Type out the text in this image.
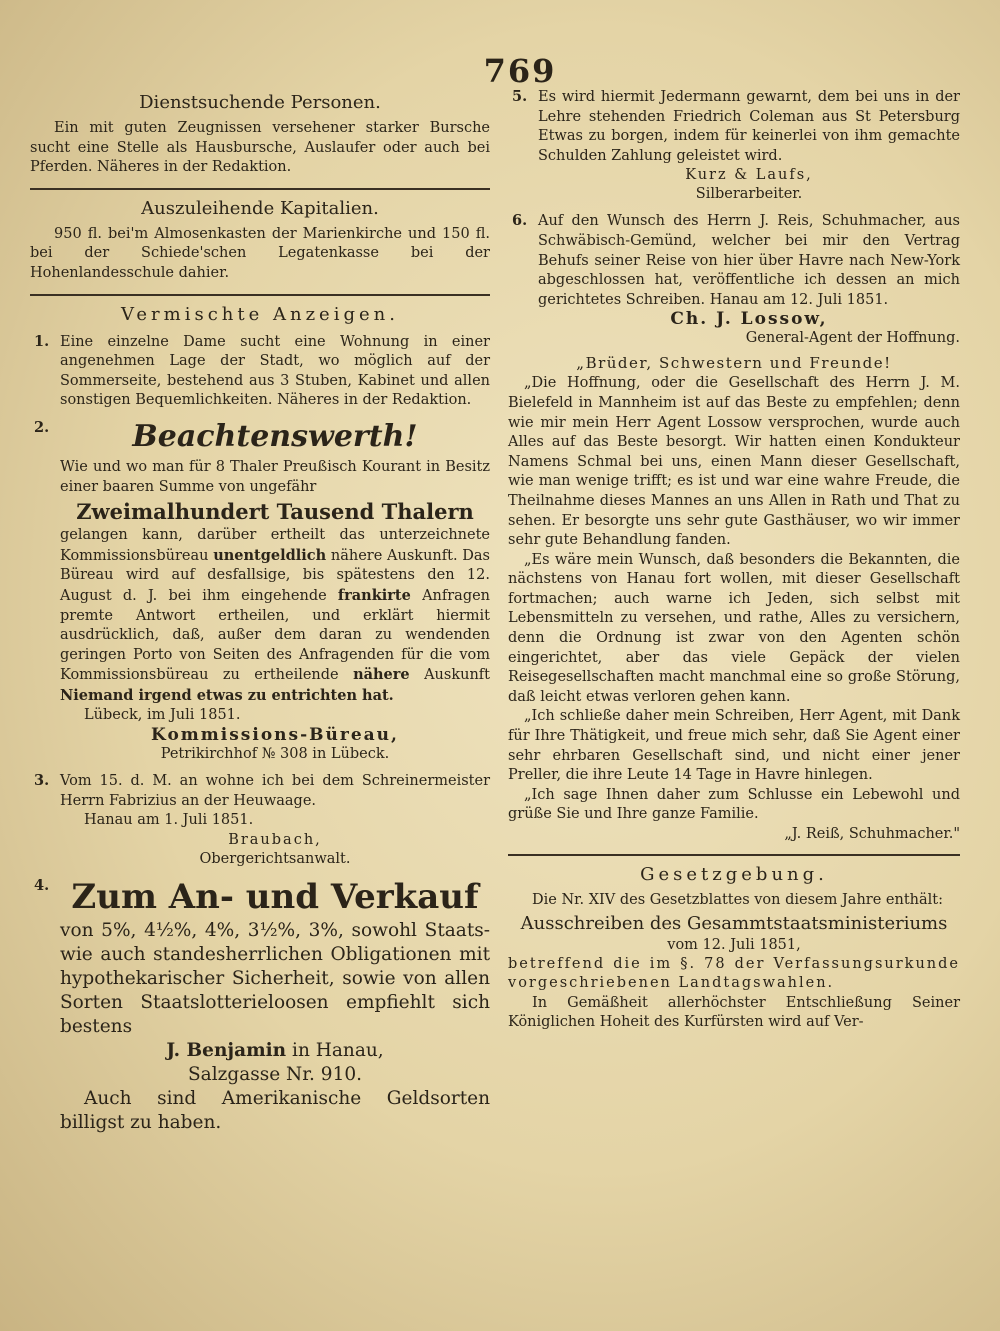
769

Dienstsuchende Personen.

Ein mit guten Zeugnissen versehener starker Bursche sucht eine Stelle als Hausbursche, Auslaufer oder auch bei Pferden. Näheres in der Redaktion.

Auszuleihende Kapitalien.

950 fl. bei'm Almosenkasten der Marienkirche und 150 fl. bei der Schiede'schen Legatenkasse bei der Hohenlandesschule dahier.

Vermischte Anzeigen.
1. Eine einzelne Dame sucht eine Wohnung in einer angenehmen Lage der Stadt, wo möglich auf der Sommerseite, bestehend aus 3 Stuben, Kabinet und allen sonstigen Bequemlichkeiten. Näheres in der Redaktion.

2.	Beachtenswerth!

Wie und wo man für 8 Thaler Preußisch Kourant in Besitz einer baaren Summe von ungefähr

Zweimalhundert Tausend Thalern

gelangen kann, darüber ertheilt das unterzeichnete Kommissionsbüreau unentgeldlich nähere Auskunft. Das Büreau wird auf desfallsige, bis spätestens den 12. August d. J. bei ihm eingehende frankirte Anfragen premte Antwort ertheilen, und erklärt hiermit ausdrücklich, daß, außer dem daran zu wendenden geringen Porto von Seiten des Anfragenden für die vom Kommissionsbüreau zu ertheilende nähere Auskunft Niemand irgend etwas zu entrichten hat.

Lübeck, im Juli 1851.

Kommissions-Büreau,

Petrikirchhof № 308 in Lübeck.

3. Vom 15. d. M. an wohne ich bei dem Schreinermeister Herrn Fabrizius an der Heuwaage.

Hanau am 1. Juli 1851.

Braubach,

Obergerichtsanwalt.

4. Zum An- und Verkauf

von 5%, 4½%, 4%, 3½%, 3%, sowohl Staats- wie auch standesherrlichen Obligationen mit hypothekarischer Sicherheit, sowie von allen Sorten Staatslotterieloosen empfiehlt sich bestens

J. Benjamin in Hanau,

Salzgasse Nr. 910.

Auch sind Amerikanische Geldsorten billigst zu haben.

5. Es wird hiermit Jedermann gewarnt, dem bei uns in der Lehre stehenden Friedrich Coleman aus St Petersburg Etwas zu borgen, indem für keinerlei von ihm gemachte Schulden Zahlung geleistet wird.

Kurz & Laufs,

Silberarbeiter.

6. Auf den Wunsch des Herrn J. Reis, Schuhmacher, aus Schwäbisch-Gemünd, welcher bei mir den Vertrag Behufs seiner Reise von hier über Havre nach New-York abgeschlossen hat, veröffentliche ich dessen an mich gerichtetes Schreiben. Hanau am 12. Juli 1851.

Ch. J. Lossow,

General-Agent der Hoffnung.

„Brüder, Schwestern und Freunde!

„Die Hoffnung, oder die Gesellschaft des Herrn J. M. Bielefeld in Mannheim ist auf das Beste zu empfehlen; denn wie mir mein Herr Agent Lossow versprochen, wurde auch Alles auf das Beste besorgt. Wir hatten einen Kondukteur Namens Schmal bei uns, einen Mann dieser Gesellschaft, wie man wenige trifft; es ist und war eine wahre Freude, die Theilnahme dieses Mannes an uns Allen in Rath und That zu sehen. Er besorgte uns sehr gute Gasthäuser, wo wir immer sehr gute Behandlung fanden.

„Es wäre mein Wunsch, daß besonders die Bekannten, die nächstens von Hanau fort wollen, mit dieser Gesellschaft fortmachen; auch warne ich Jeden, sich selbst mit Lebensmitteln zu versehen, und rathe, Alles zu versichern, denn die Ordnung ist zwar von den Agenten schön eingerichtet, aber das viele Gepäck der vielen Reisegesellschaften macht manchmal eine so große Störung, daß leicht etwas verloren gehen kann.

„Ich schließe daher mein Schreiben, Herr Agent, mit Dank für Ihre Thätigkeit, und freue mich sehr, daß Sie Agent einer sehr ehrbaren Gesellschaft sind, und nicht einer jener Preller, die ihre Leute 14 Tage in Havre hinlegen.

„Ich sage Ihnen daher zum Schlusse ein Lebewohl und grüße Sie und Ihre ganze Familie.

„J. Reiß, Schuhmacher."

Gesetzgebung.

Die Nr. XIV des Gesetzblattes von diesem Jahre enthält:

Ausschreiben des Gesammtstaatsministeriums

vom 12. Juli 1851,

betreffend die im §. 78 der Verfassungsurkunde vorgeschriebenen Landtagswahlen.

In Gemäßheit allerhöchster Entschließung Seiner Königlichen Hoheit des Kurfürsten wird auf Ver-
